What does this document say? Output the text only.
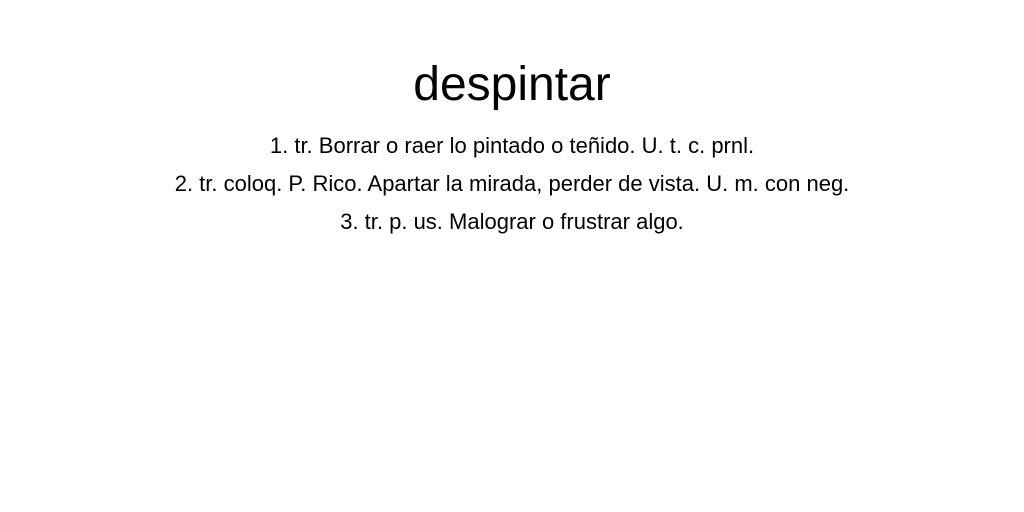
despintar
1. tr. Borrar o raer lo pintado o teñido. U. t. c. prnl.
2. tr. coloq. P. Rico. Apartar la mirada, perder de vista. U. m. con neg.
3. tr. p. us. Malograr o frustrar algo.
